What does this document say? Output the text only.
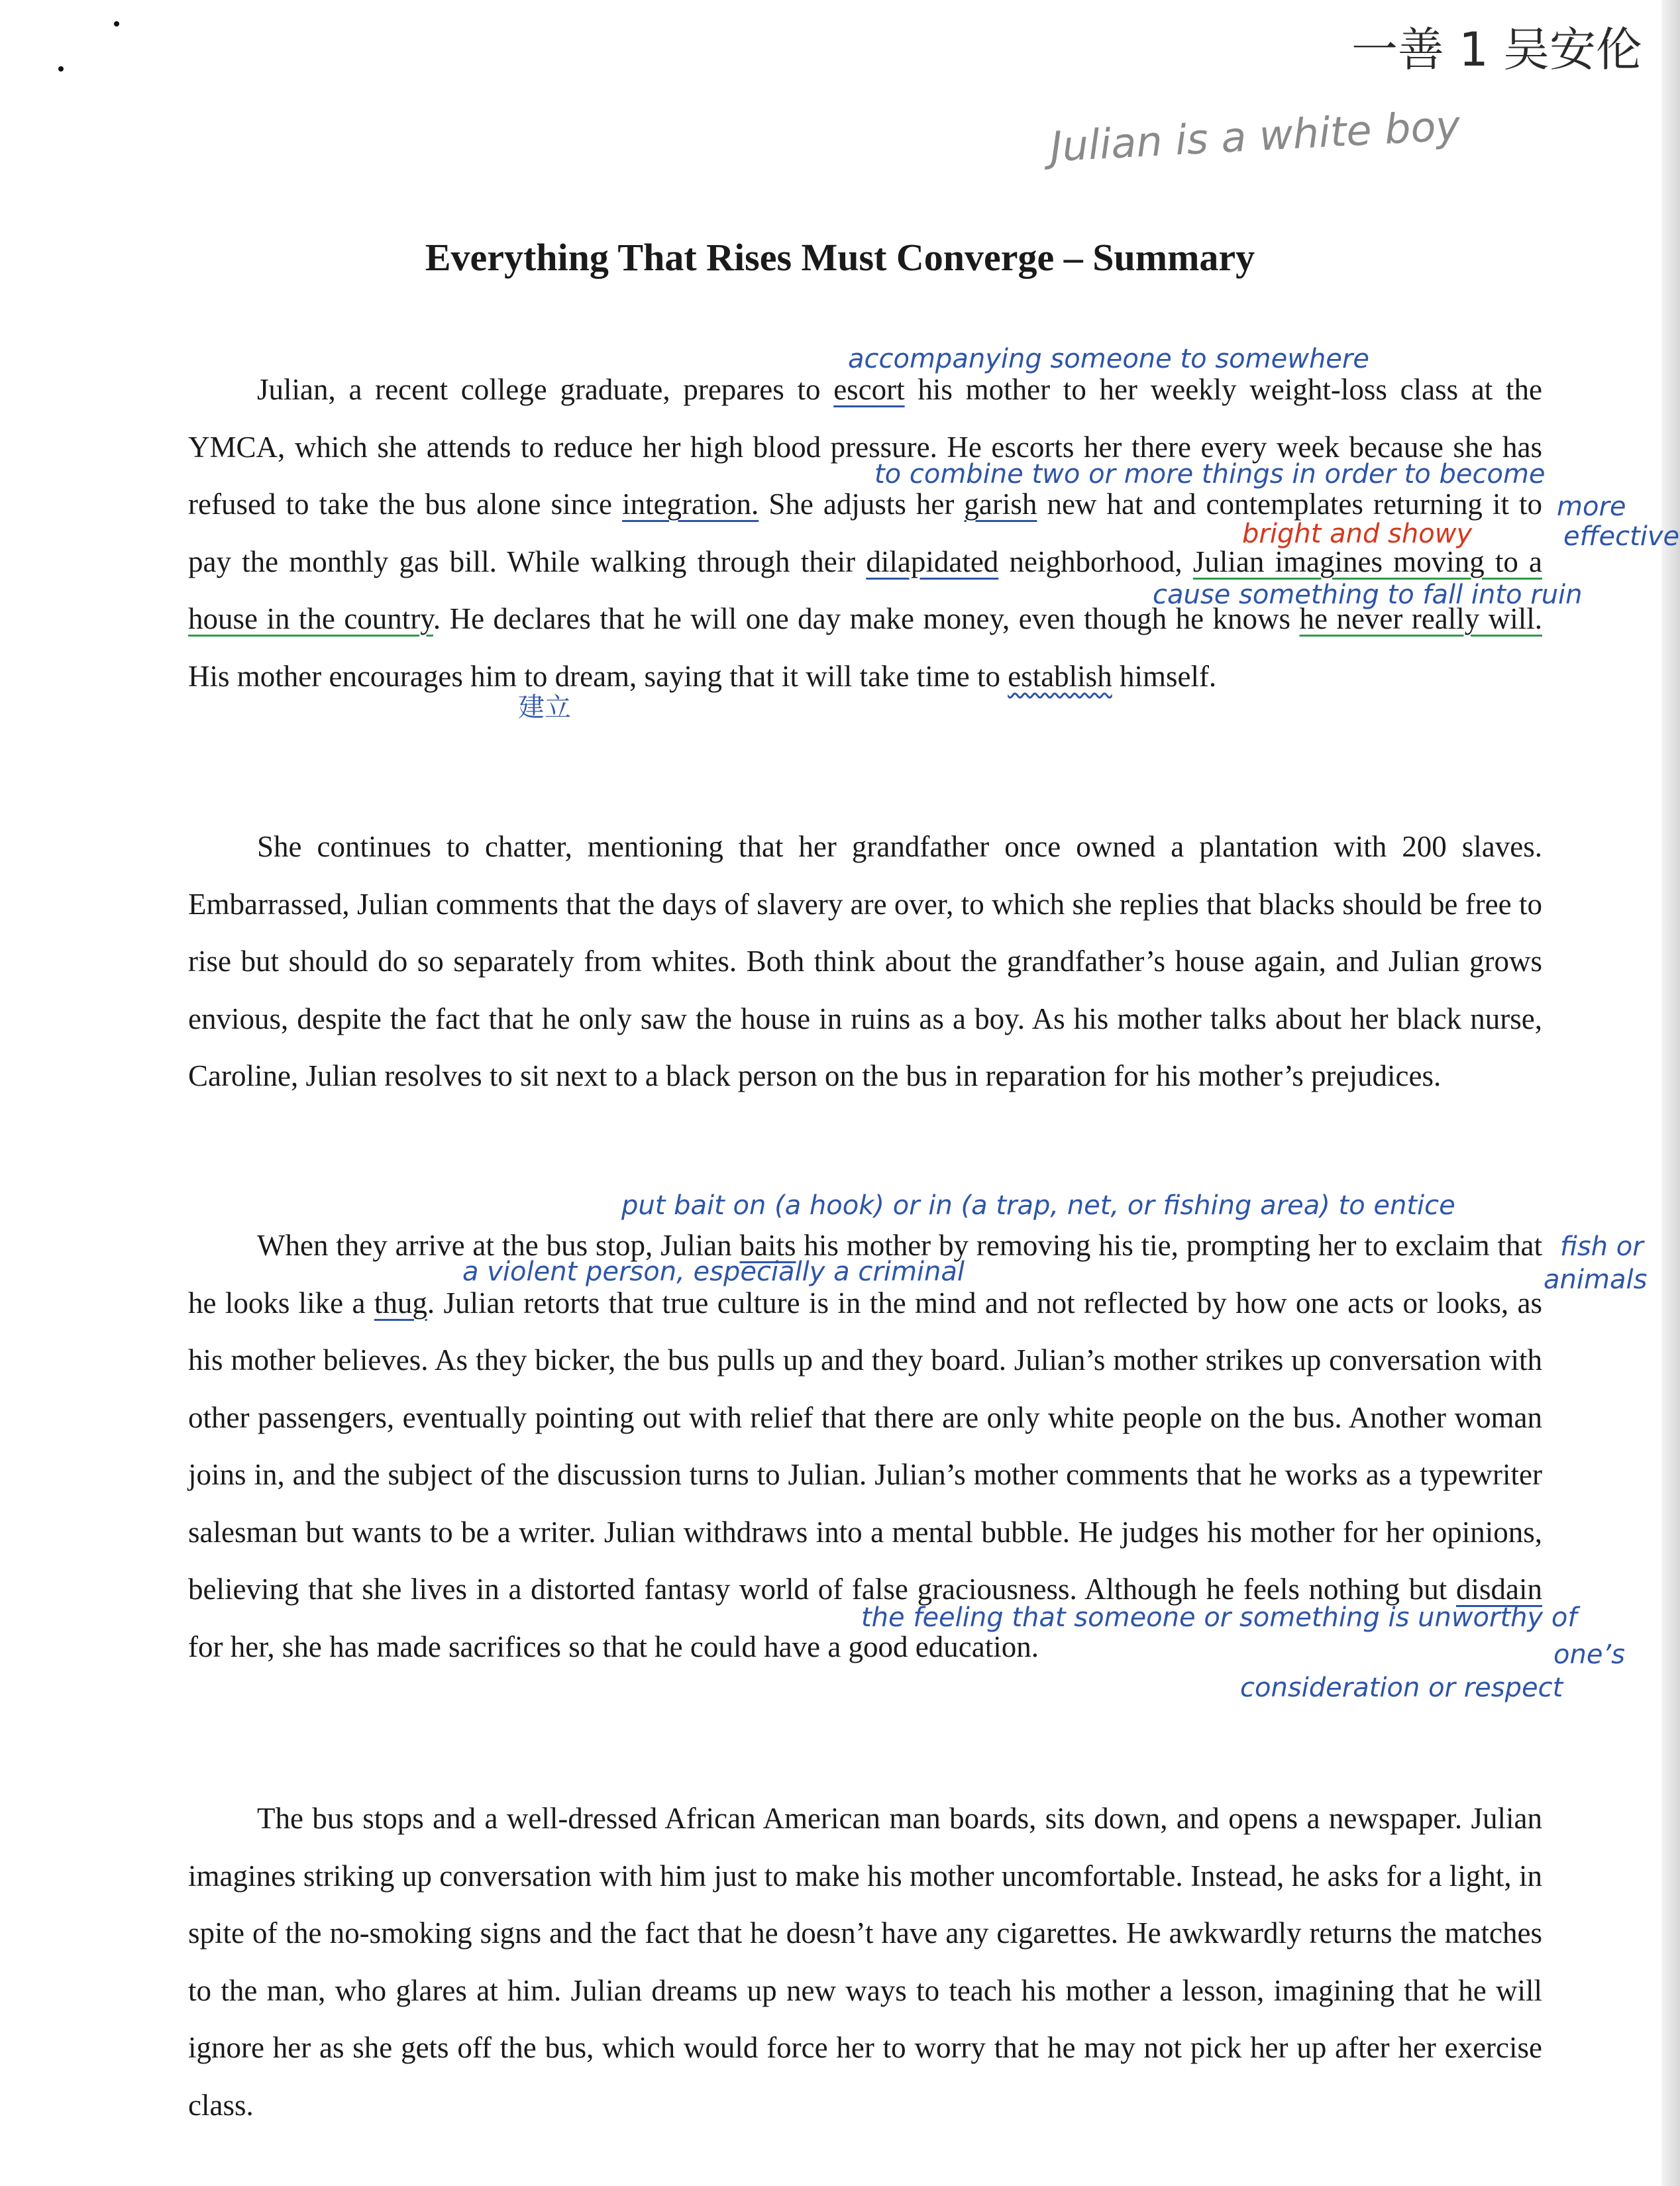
一善 1 吴安伦
Julian is a white boy
Everything That Rises Must Converge – Summary

Julian, a recent college graduate, prepares to escort his mother to her weekly weight-loss class at the YMCA, which she attends to reduce her high blood pressure. He escorts her there every week because she has refused to take the bus alone since integration. She adjusts her garish new hat and contemplates returning it to pay the monthly gas bill. While walking through their dilapidated neighborhood, Julian imagines moving to a house in the country. He declares that he will one day make money, even though he knows he never really will. His mother encourages him to dream, saying that it will take time to establish himself.

She continues to chatter, mentioning that her grandfather once owned a plantation with 200 slaves. Embarrassed, Julian comments that the days of slavery are over, to which she replies that blacks should be free to rise but should do so separately from whites. Both think about the grandfather’s house again, and Julian grows envious, despite the fact that he only saw the house in ruins as a boy. As his mother talks about her black nurse, Caroline, Julian resolves to sit next to a black person on the bus in reparation for his mother’s prejudices.

When they arrive at the bus stop, Julian baits his mother by removing his tie, prompting her to exclaim that he looks like a thug. Julian retorts that true culture is in the mind and not reflected by how one acts or looks, as his mother believes. As they bicker, the bus pulls up and they board. Julian’s mother strikes up conversation with other passengers, eventually pointing out with relief that there are only white people on the bus. Another woman joins in, and the subject of the discussion turns to Julian. Julian’s mother comments that he works as a typewriter salesman but wants to be a writer. Julian withdraws into a mental bubble. He judges his mother for her opinions, believing that she lives in a distorted fantasy world of false graciousness. Although he feels nothing but disdain for her, she has made sacrifices so that he could have a good education.

The bus stops and a well-dressed African American man boards, sits down, and opens a newspaper. Julian imagines striking up conversation with him just to make his mother uncomfortable. Instead, he asks for a light, in spite of the no-smoking signs and the fact that he doesn’t have any cigarettes. He awkwardly returns the matches to the man, who glares at him. Julian dreams up new ways to teach his mother a lesson, imagining that he will ignore her as she gets off the bus, which would force her to worry that he may not pick her up after her exercise class.

accompanying someone to somewhere
to combine two or more things in order to become
more
effective
bright and showy
cause something to fall into ruin
建立
put bait on (a hook) or in (a trap, net, or fishing area) to entice
fish or
animals
a violent person, especially a criminal
the feeling that someone or something is unworthy of
one’s
consideration or respect
